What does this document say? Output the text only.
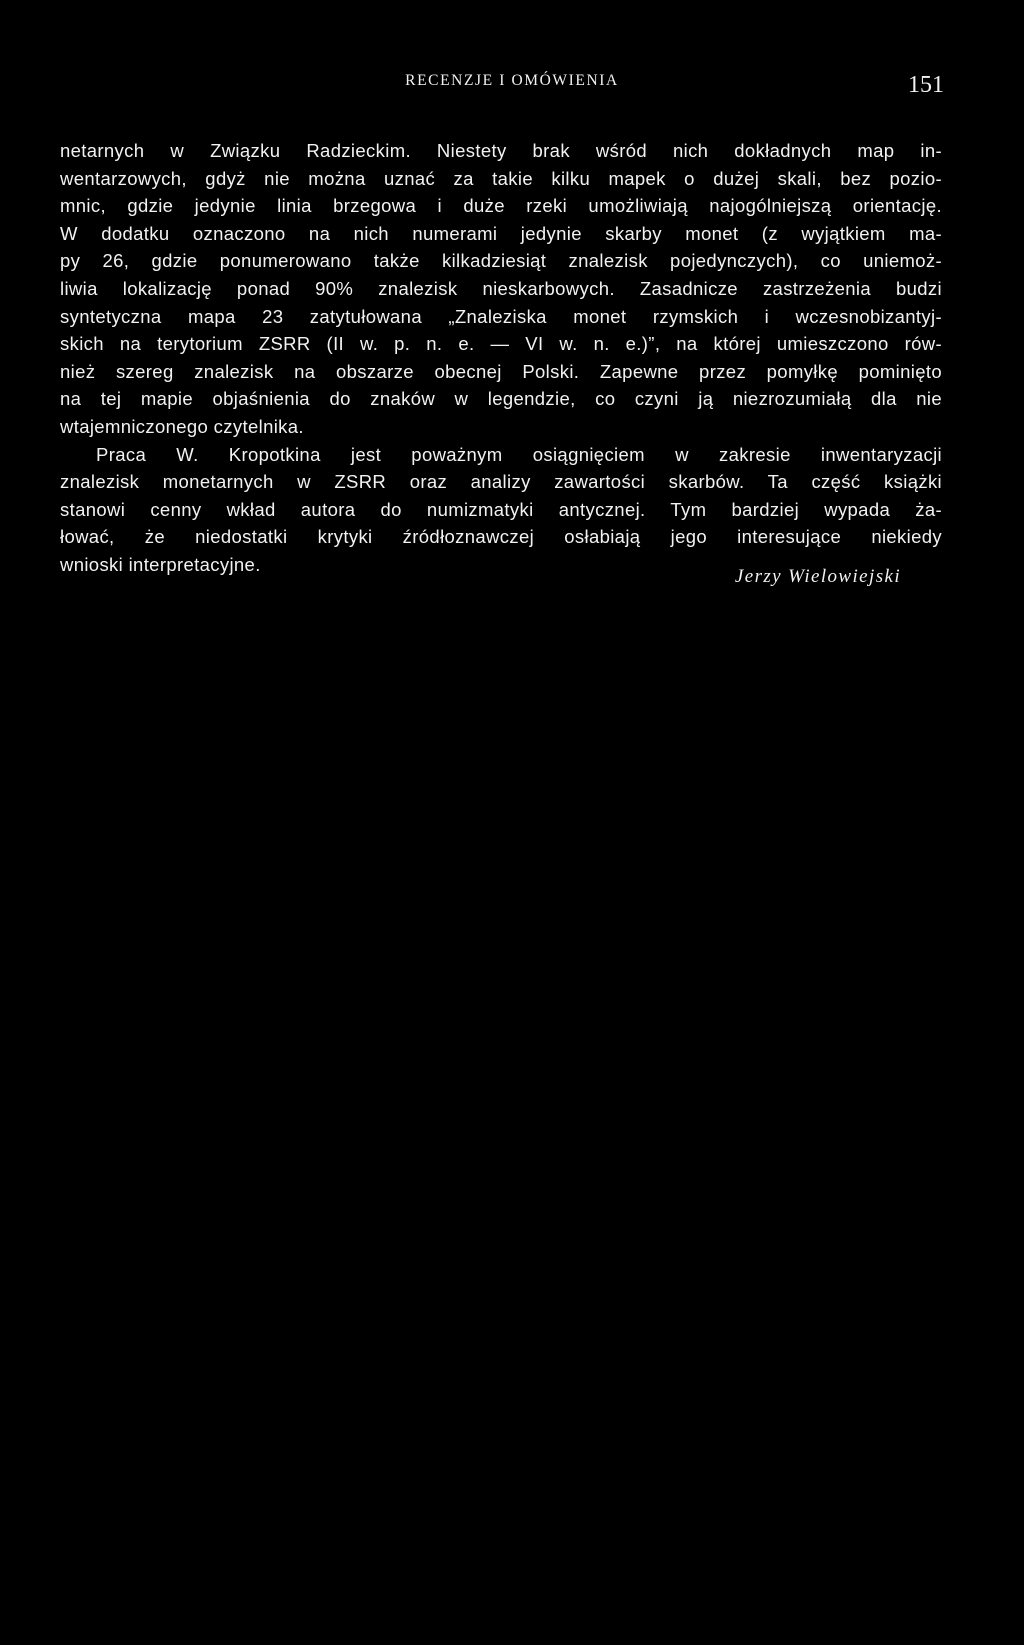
RECENZJE I OMÓWIENIA	151
netarnych w Związku Radzieckim. Niestety brak wśród nich dokładnych map in-
wentarzowych, gdyż nie można uznać za takie kilku mapek o dużej skali, bez pozio-
mnic, gdzie jedynie linia brzegowa i duże rzeki umożliwiają najogólniejszą orientację.
W dodatku oznaczono na nich numerami jedynie skarby monet (z wyjątkiem ma-
py 26, gdzie ponumerowano także kilkadziesiąt znalezisk pojedynczych), co uniemoż-
liwia lokalizację ponad 90% znalezisk nieskarbowych. Zasadnicze zastrzeżenia budzi
syntetyczna mapa 23 zatytułowana „Znaleziska monet rzymskich i wczesnobizantyj-
skich na terytorium ZSRR (II w. p. n. e. — VI w. n. e.)”, na której umieszczono rów-
nież szereg znalezisk na obszarze obecnej Polski. Zapewne przez pomyłkę pominięto
na tej mapie objaśnienia do znaków w legendzie, co czyni ją niezrozumiałą dla nie
wtajemniczonego czytelnika.
Praca W. Kropotkina jest poważnym osiągnięciem w zakresie inwentaryzacji
znalezisk monetarnych w ZSRR oraz analizy zawartości skarbów. Ta część książki
stanowi cenny wkład autora do numizmatyki antycznej. Tym bardziej wypada ża-
łować, że niedostatki krytyki źródłoznawczej osłabiają jego interesujące niekiedy
wnioski interpretacyjne.
Jerzy Wielowiejski
